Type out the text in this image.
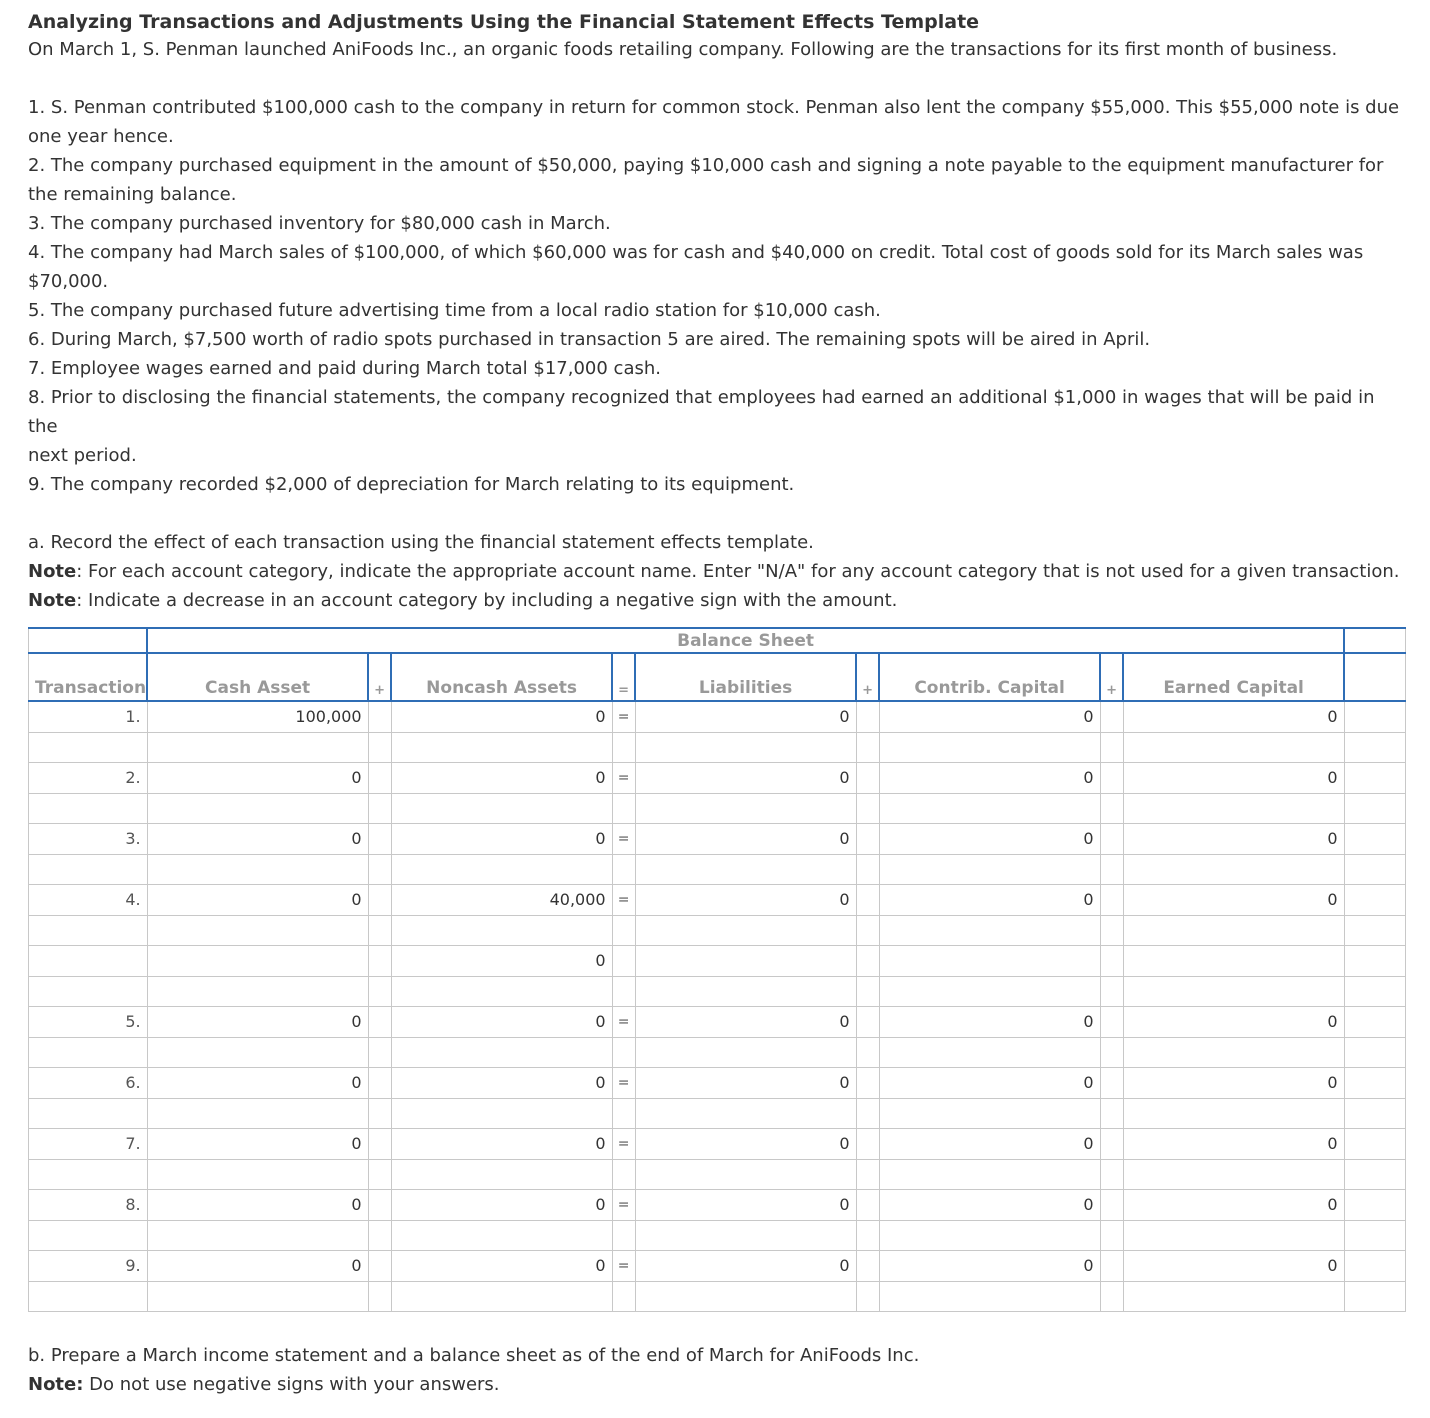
Analyzing Transactions and Adjustments Using the Financial Statement Effects Template

On March 1, S. Penman launched AniFoods Inc., an organic foods retailing company. Following are the transactions for its first month of business.

1. S. Penman contributed $100,000 cash to the company in return for common stock. Penman also lent the company $55,000. This $55,000 note is due

one year hence.

2. The company purchased equipment in the amount of $50,000, paying $10,000 cash and signing a note payable to the equipment manufacturer for

the remaining balance.

3. The company purchased inventory for $80,000 cash in March.

4. The company had March sales of $100,000, of which $60,000 was for cash and $40,000 on credit. Total cost of goods sold for its March sales was

$70,000.

5. The company purchased future advertising time from a local radio station for $10,000 cash.

6. During March, $7,500 worth of radio spots purchased in transaction 5 are aired. The remaining spots will be aired in April.

7. Employee wages earned and paid during March total $17,000 cash.

8. Prior to disclosing the financial statements, the company recognized that employees had earned an additional $1,000 in wages that will be paid in the

next period.

9. The company recorded $2,000 of depreciation for March relating to its equipment.

a. Record the effect of each transaction using the financial statement effects template.

Note: For each account category, indicate the appropriate account name. Enter "N/A" for any account category that is not used for a given transaction.

Note: Indicate a decrease in an account category by including a negative sign with the amount.

	Balance Sheet									
Transaction	Cash Asset	+	Noncash Assets	=	Liabilities	+	Contrib. Capital	+	Earned Capital	
1.	100,000		0	=	0		0		0	

2.	0		0	=	0		0		0	

3.	0		0	=	0		0		0	

4.	0		40,000	=	0		0		0	

			0							

5.	0		0	=	0		0		0	

6.	0		0	=	0		0		0	

7.	0		0	=	0		0		0	

8.	0		0	=	0		0		0	

9.	0		0	=	0		0		0	

b. Prepare a March income statement and a balance sheet as of the end of March for AniFoods Inc.

Note: Do not use negative signs with your answers.
